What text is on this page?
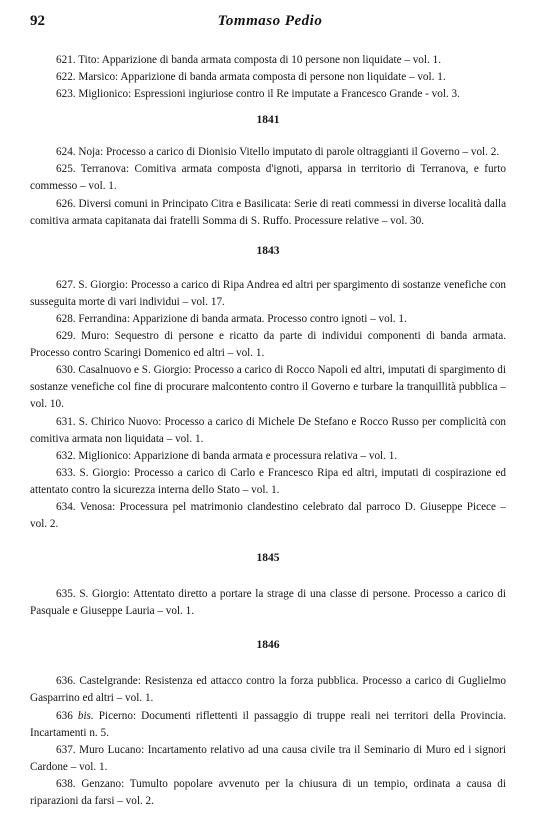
92	Tommaso Pedio

621. Tito: Apparizione di banda armata composta di 10 persone non liquidate – vol. 1.

622. Marsico: Apparizione di banda armata composta di persone non liquidate – vol. 1.

623. Miglionico: Espressioni ingiuriose contro il Re imputate a Francesco Grande - vol. 3.

1841

624. Noja: Processo a carico di Dionisio Vitello imputato di parole oltraggianti il Governo – vol. 2.

625. Terranova: Comitiva armata composta d'ignoti, apparsa in territorio di Terranova, e furto commesso – vol. 1.

626. Diversi comuni in Principato Citra e Basilicata: Serie di reati commessi in diverse località dalla comitiva armata capitanata dai fratelli Somma di S. Ruffo. Processure relative – vol. 30.

1843

627. S. Giorgio: Processo a carico di Ripa Andrea ed altri per spargimento di sostanze venefiche con susseguita morte di vari individui – vol. 17.

628. Ferrandina: Apparizione di banda armata. Processo contro ignoti – vol. 1.

629. Muro: Sequestro di persone e ricatto da parte di individui componenti di banda armata. Processo contro Scaringi Domenico ed altri – vol. 1.

630. Casalnuovo e S. Giorgio: Processo a carico di Rocco Napoli ed altri, imputati di spargimento di sostanze venefiche col fine di procurare malcontento contro il Governo e turbare la tranquillità pubblica – vol. 10.

631. S. Chirico Nuovo: Processo a carico di Michele De Stefano e Rocco Russo per complicità con comitiva armata non liquidata – vol. 1.

632. Miglionico: Apparizione di banda armata e processura relativa – vol. 1.

633. S. Giorgio: Processo a carico di Carlo e Francesco Ripa ed altri, imputati di cospirazione ed attentato contro la sicurezza interna dello Stato – vol. 1.

634. Venosa: Processura pel matrimonio clandestino celebrato dal parroco D. Giuseppe Picece – vol. 2.

1845

635. S. Giorgio: Attentato diretto a portare la strage di una classe di persone. Processo a carico di Pasquale e Giuseppe Lauria – vol. 1.

1846

636. Castelgrande: Resistenza ed attacco contro la forza pubblica. Processo a carico di Guglielmo Gasparrino ed altri – vol. 1.

636 bis. Picerno: Documenti riflettenti il passaggio di truppe reali nei territori della Provincia. Incartamenti n. 5.

637. Muro Lucano: Incartamento relativo ad una causa civile tra il Seminario di Muro ed i signori Cardone – vol. 1.

638. Genzano: Tumulto popolare avvenuto per la chiusura di un tempio, ordinata a causa di riparazioni da farsi – vol. 2.
